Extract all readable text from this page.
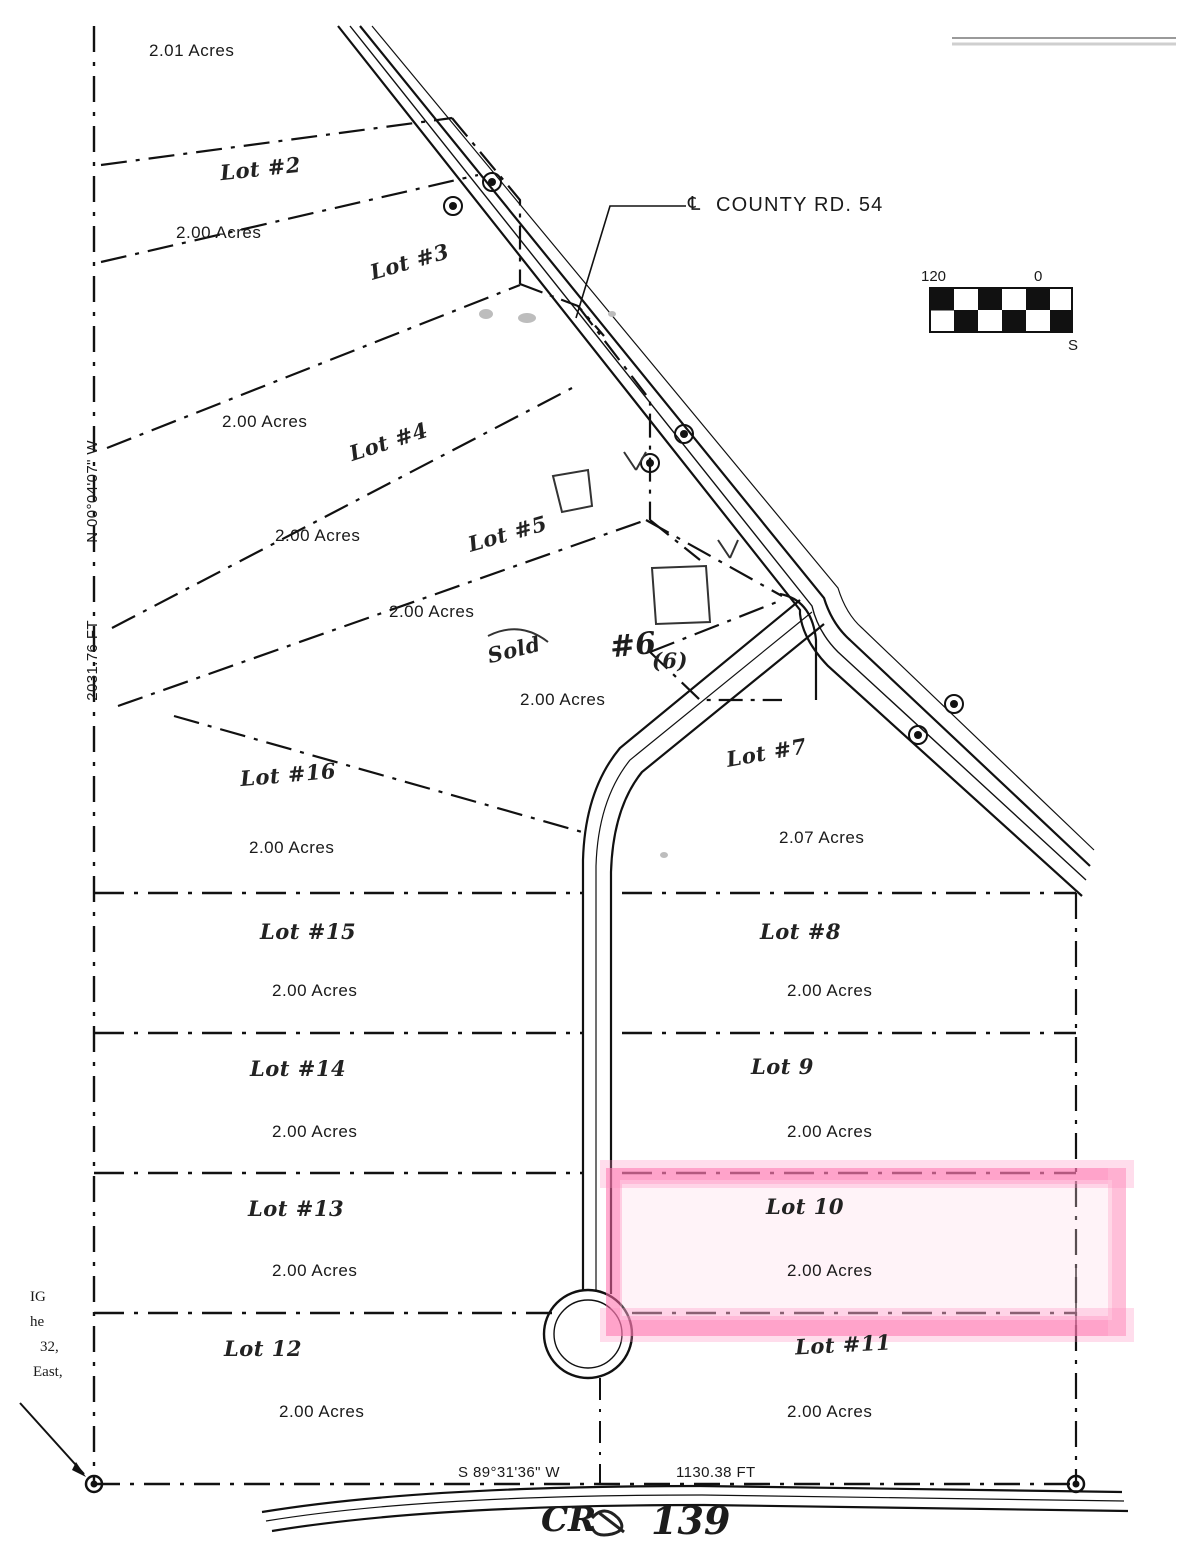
2.01 Acres
Lot #2
2.00 Acres
Lot #3
2.00 Acres Lot #4
2.00 Acres	Lot #5
2.00 Acres
#6
(6)
2.00 Acres
Sold
Lot #7
2.07 Acres
Lot #16
2.00 Acres
Lot #15
2.00 Acres
Lot #8
2.00 Acres
Lot #14
2.00 Acres
Lot 9
2.00 Acres
Lot #13
2.00 Acres
Lot 10
2.00 Acres
Lot 12
2.00 Acres
Lot #11
2.00 Acres
℄ COUNTY RD. 54
N 00°04'07" W
2031.76 FT
S 89°31'36" W	1130.38 FT
CR 139
120	0
S
IG
he
32,
East,
